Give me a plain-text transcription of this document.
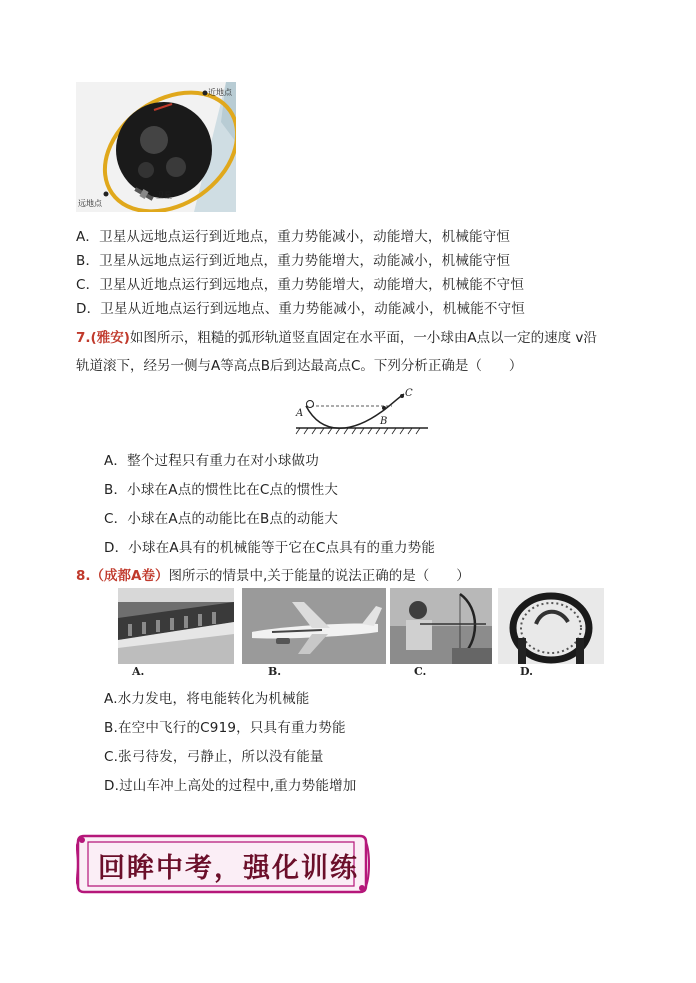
近地点
远地点
卫星
A．卫星从远地点运行到近地点，重力势能减小，动能增大，机械能守恒
B．卫星从远地点运行到近地点，重力势能增大，动能减小，机械能守恒
C．卫星从近地点运行到远地点，重力势能增大，动能增大，机械能不守恒
D．卫星从近地点运行到远地点、重力势能减小，动能减小，机械能不守恒
7.(雅安)如图所示，粗糙的弧形轨道竖直固定在水平面，一小球由A点以一定的速度 v沿
轨道滚下，经另一侧与A等高点B后到达最高点C。下列分析正确是（　　）
A
B
C
A．整个过程只有重力在对小球做功
B．小球在A点的惯性比在C点的惯性大
C．小球在A点的动能比在B点的动能大
D．小球在A具有的机械能等于它在C点具有的重力势能
8.（成都A卷）图所示的情景中,关于能量的说法正确的是（　　）
A.	B.	C.	D.
A.水力发电，将电能转化为机械能
B.在空中飞行的C919，只具有重力势能
C.张弓待发，弓静止，所以没有能量
D.过山车冲上高处的过程中,重力势能增加
回眸中考，强化训练
